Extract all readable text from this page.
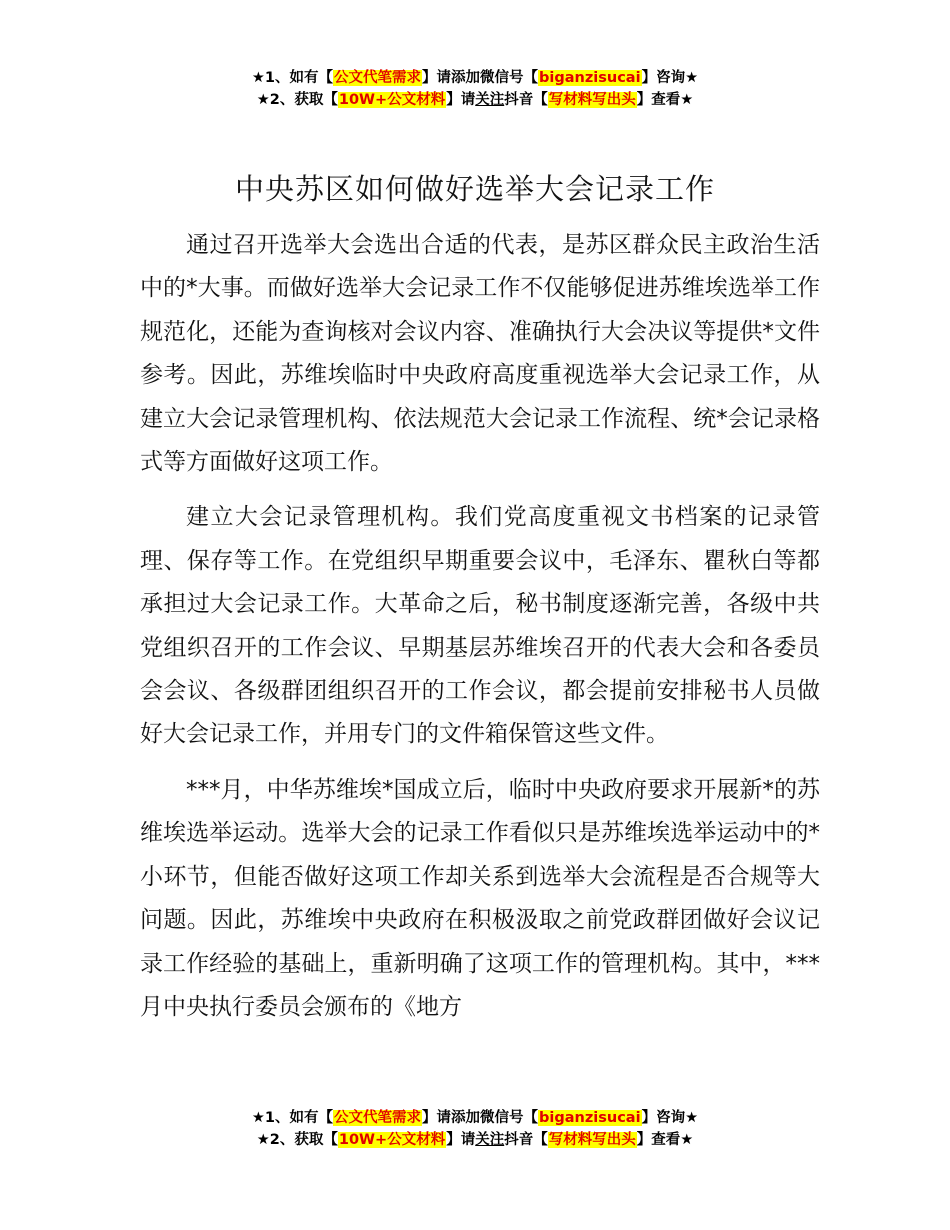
★1、如有【公文代笔需求】请添加微信号【biganzisucai】咨询★
★2、获取【10W+公文材料】请关注抖音【写材料写出头】查看★
中央苏区如何做好选举大会记录工作

通过召开选举大会选出合适的代表，是苏区群众民主政治生活中的*大事。而做好选举大会记录工作不仅能够促进苏维埃选举工作规范化，还能为查询核对会议内容、准确执行大会决议等提供*文件参考。因此，苏维埃临时中央政府高度重视选举大会记录工作，从建立大会记录管理机构、依法规范大会记录工作流程、统*会记录格式等方面做好这项工作。

建立大会记录管理机构。我们党高度重视文书档案的记录管理、保存等工作。在党组织早期重要会议中，毛泽东、瞿秋白等都承担过大会记录工作。大革命之后，秘书制度逐渐完善，各级中共党组织召开的工作会议、早期基层苏维埃召开的代表大会和各委员会会议、各级群团组织召开的工作会议，都会提前安排秘书人员做好大会记录工作，并用专门的文件箱保管这些文件。

***月，中华苏维埃*国成立后，临时中央政府要求开展新*的苏维埃选举运动。选举大会的记录工作看似只是苏维埃选举运动中的*小环节，但能否做好这项工作却关系到选举大会流程是否合规等大问题。因此，苏维埃中央政府在积极汲取之前党政群团做好会议记录工作经验的基础上，重新明确了这项工作的管理机构。其中，***月中央执行委员会颁布的《地方

★1、如有【公文代笔需求】请添加微信号【biganzisucai】咨询★
★2、获取【10W+公文材料】请关注抖音【写材料写出头】查看★
